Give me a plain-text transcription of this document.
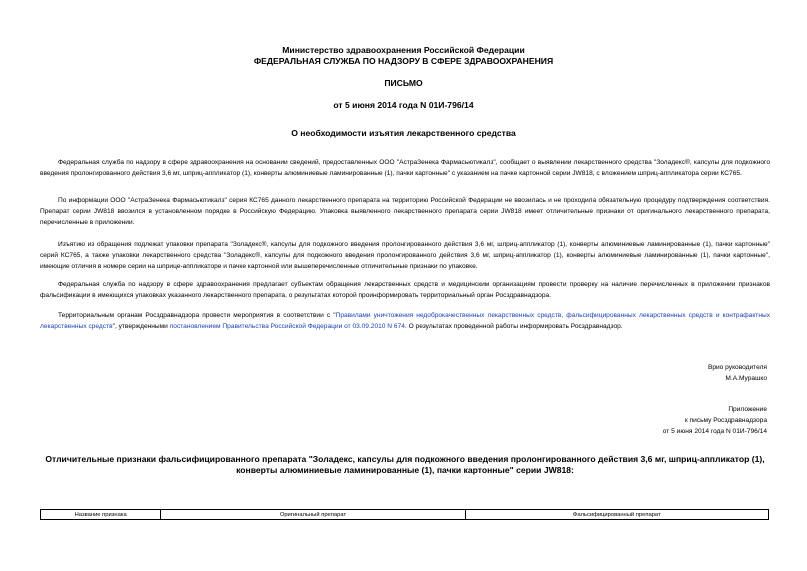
Министерство здравоохранения Российской Федерации
ФЕДЕРАЛЬНАЯ СЛУЖБА ПО НАДЗОРУ В СФЕРЕ ЗДРАВООХРАНЕНИЯ
ПИСЬМО
от 5 июня 2014 года N 01И-796/14
О необходимости изъятия лекарственного средства

Федеральная служба по надзору в сфере здравоохранения на основании сведений, предоставленных ООО "АстраЗенека Фармасьютикалз", сообщает о выявлении лекарственного средства "Золадекс®, капсулы для подкожного введения пролонгированного действия 3,6 мг, шприц-аппликатор (1), конверты алюминиевые ламинированные (1), пачки картонные" с указанием на пачке картонной серии JW818, с вложением шприц-аппликатора серии КС765.

По информации ООО "АстраЗенека Фармасьютикалз" серия КС765 данного лекарственного препарата на территорию Российской Федерации не ввозилась и не проходила обязательную процедуру подтверждения соответствия. Препарат серии JW818 ввозился в установленном порядке в Российскую Федерацию. Упаковка выявленного лекарственного препарата серии JW818 имеет отличительные признаки от оригинального лекарственного препарата, перечисленные в приложении.

Изъятию из обращения подлежат упаковки препарата "Золадекс®, капсулы для подкожного введения пролонгированного действия 3,6 мг, шприц-аппликатор (1), конверты алюминиевые ламинированные (1), пачки картонные" серий КС765, а также упаковки лекарственного средства "Золадекс®, капсулы для подкожного введения пролонгированного действия 3,6 мг, шприц-аппликатор (1), конверты алюминиевые ламинированные (1), пачки картонные", имеющие отличия в номере серии на шприце-аппликаторе и пачке картонной или вышеперечисленные отличительные признаки по упаковке.

Федеральная служба по надзору в сфере здравоохранения предлагает субъектам обращения лекарственных средств и медицинским организациям провести проверку на наличие перечисленных в приложении признаков фальсификации в имеющихся упаковках указанного лекарственного препарата, о результатах которой проинформировать территориальный орган Росздравнадзора.

Территориальным органам Росздравнадзора провести мероприятия в соответствии с "Правилами уничтожения недоброкачественных лекарственных средств, фальсифицированных лекарственных средств и контрафактных лекарственных средств", утвержденными постановлением Правительства Российской Федерации от 03.09.2010 N 674. О результатах проведенной работы информировать Росздравнадзор.

Врио руководителя
М.А.Мурашко
Приложение
к письму Росздравнадзора
от 5 июня 2014 года N 01И-796/14
Отличительные признаки фальсифицированного препарата "Золадекс, капсулы для подкожного введения пролонгированного действия 3,6 мг, шприц-аппликатор (1), конверты алюминиевые ламинированные (1), пачки картонные" серии JW818:
Название признака	Оригинальный препарат	Фальсифицированный препарат
